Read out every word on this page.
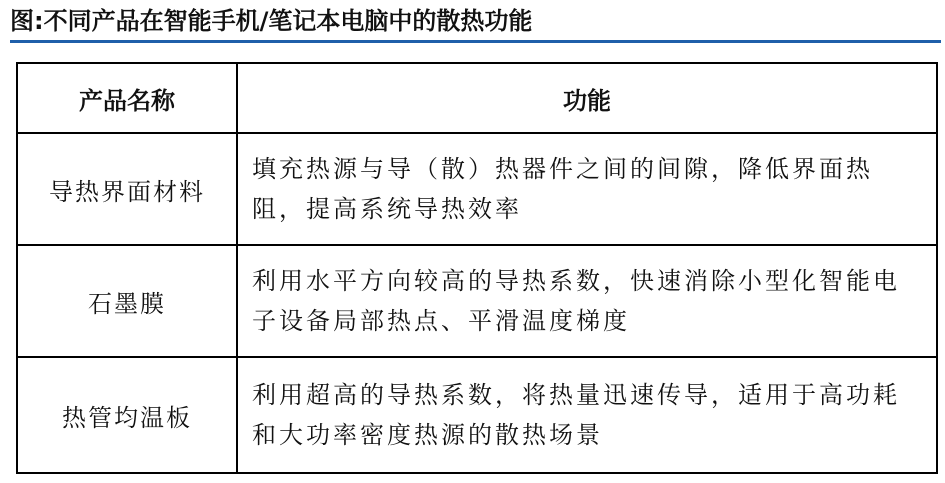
图:不同产品在智能手机/笔记本电脑中的散热功能
产品名称	功能
导热界面材料	填充热源与导（散）热器件之间的间隙，降低界面热阻，提高系统导热效率
石墨膜	利用水平方向较高的导热系数，快速消除小型化智能电子设备局部热点、平滑温度梯度
热管均温板	利用超高的导热系数，将热量迅速传导，适用于高功耗和大功率密度热源的散热场景
